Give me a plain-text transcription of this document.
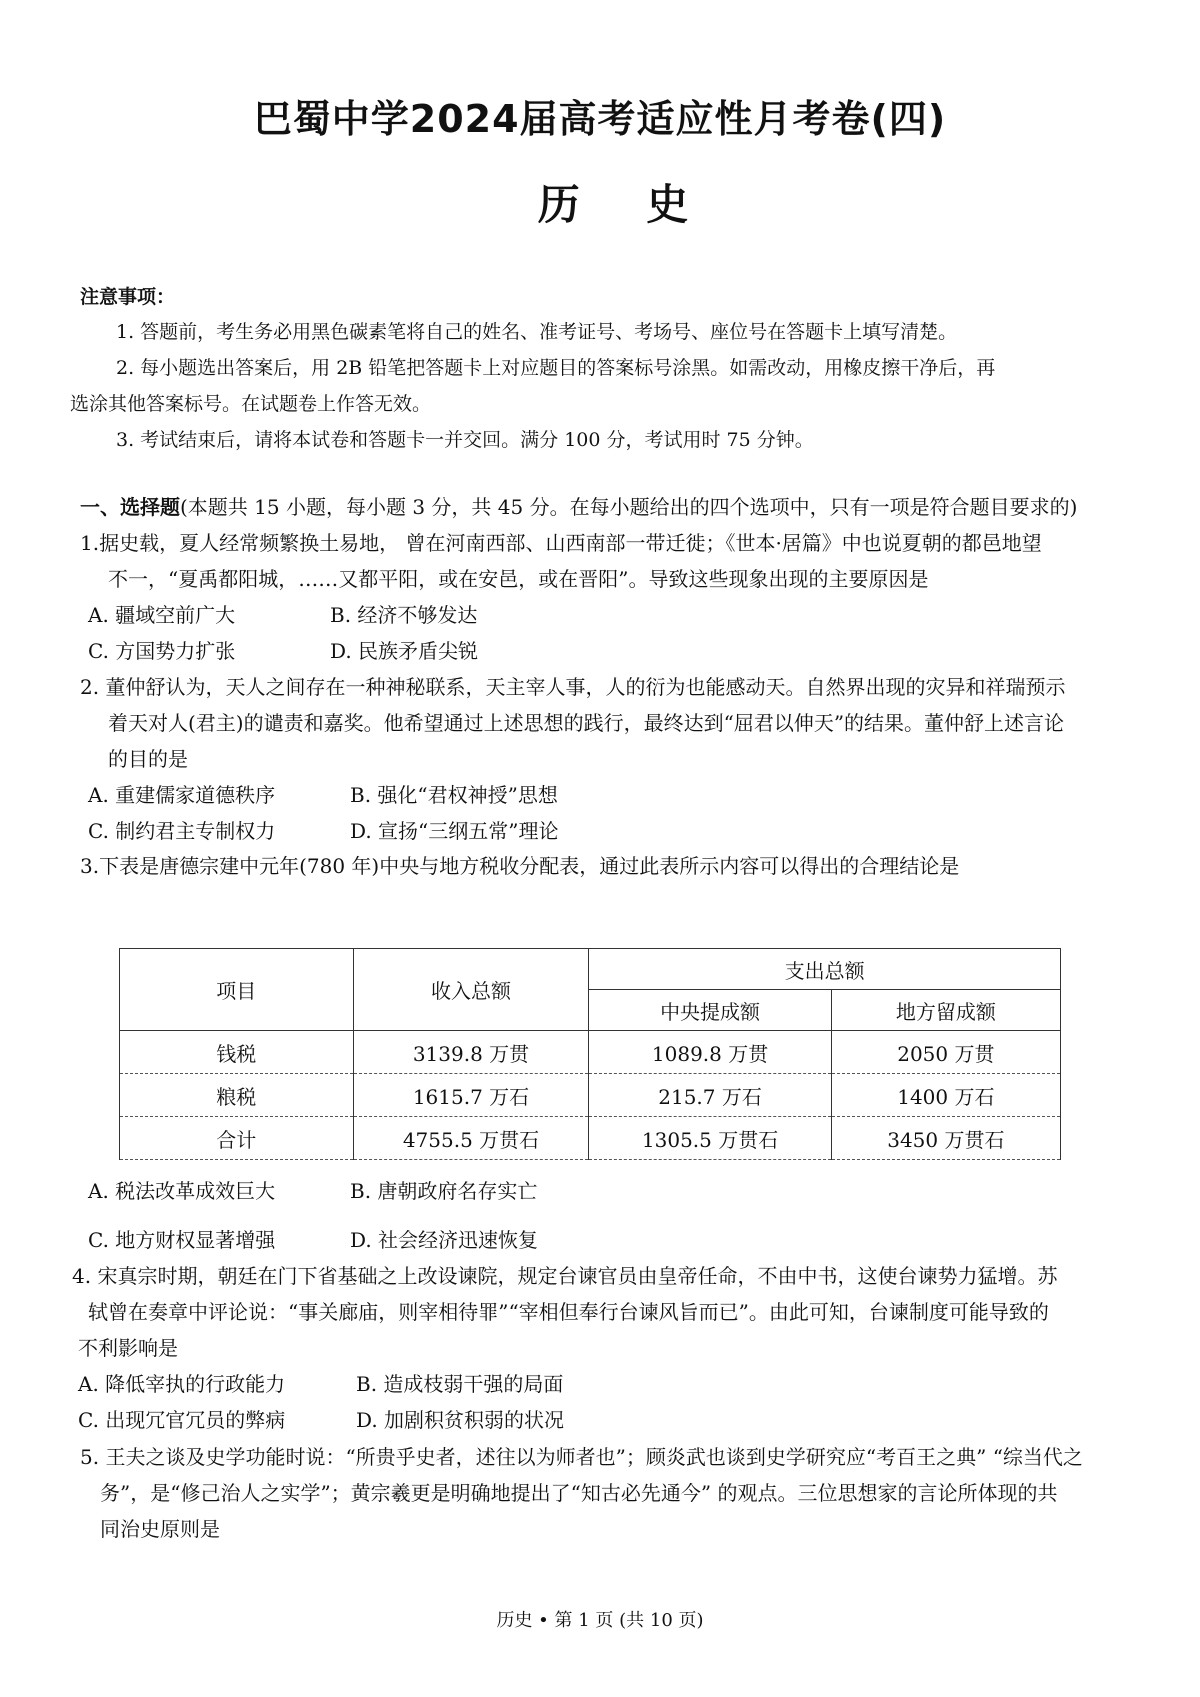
巴蜀中学2024届高考适应性月考卷(四)
历 史
注意事项：
1. 答题前，考生务必用黑色碳素笔将自己的姓名、准考证号、考场号、座位号在答题卡上填写清楚。
2. 每小题选出答案后，用 2B 铅笔把答题卡上对应题目的答案标号涂黑。如需改动，用橡皮擦干净后，再
选涂其他答案标号。在试题卷上作答无效。
3. 考试结束后，请将本试卷和答题卡一并交回。满分 100 分，考试用时 75 分钟。
一、选择题(本题共 15 小题，每小题 3 分，共 45 分。在每小题给出的四个选项中，只有一项是符合题目要求的)
1.据史载，夏人经常频繁换土易地， 曾在河南西部、山西南部一带迁徙；《世本·居篇》中也说夏朝的都邑地望
不一，“夏禹都阳城，……又都平阳，或在安邑，或在晋阳”。导致这些现象出现的主要原因是
A. 疆域空前广大	B. 经济不够发达
C. 方国势力扩张	D. 民族矛盾尖锐
2. 董仲舒认为，天人之间存在一种神秘联系，天主宰人事，人的衍为也能感动天。自然界出现的灾异和祥瑞预示
着天对人(君主)的谴责和嘉奖。他希望通过上述思想的践行，最终达到“屈君以伸天”的结果。董仲舒上述言论
的目的是
A. 重建儒家道德秩序	B. 强化“君权神授”思想
C. 制约君主专制权力	D. 宣扬“三纲五常”理论
3.下表是唐德宗建中元年(780 年)中央与地方税收分配表，通过此表所示内容可以得出的合理结论是
项目	收入总额	支出总额	
		中央提成额	地方留成额
钱税	3139.8 万贯	1089.8 万贯	2050 万贯
粮税	1615.7 万石	215.7 万石	1400 万石
合计	4755.5 万贯石	1305.5 万贯石	3450 万贯石
A. 税法改革成效巨大	B. 唐朝政府名存实亡
C. 地方财权显著增强	D. 社会经济迅速恢复
4. 宋真宗时期，朝廷在门下省基础之上改设谏院，规定台谏官员由皇帝任命，不由中书，这使台谏势力猛增。苏
轼曾在奏章中评论说：“事关廊庙，则宰相待罪”“宰相但奉行台谏风旨而已”。由此可知，台谏制度可能导致的
不利影响是
A. 降低宰执的行政能力	B. 造成枝弱干强的局面
C. 出现冗官冗员的弊病	D. 加剧积贫积弱的状况
5. 王夫之谈及史学功能时说：“所贵乎史者，述往以为师者也”；顾炎武也谈到史学研究应“考百王之典” “综当代之
务”，是“修己治人之实学”；黄宗羲更是明确地提出了“知古必先通今” 的观点。三位思想家的言论所体现的共
同治史原则是
历史 • 第 1 页 (共 10 页)
